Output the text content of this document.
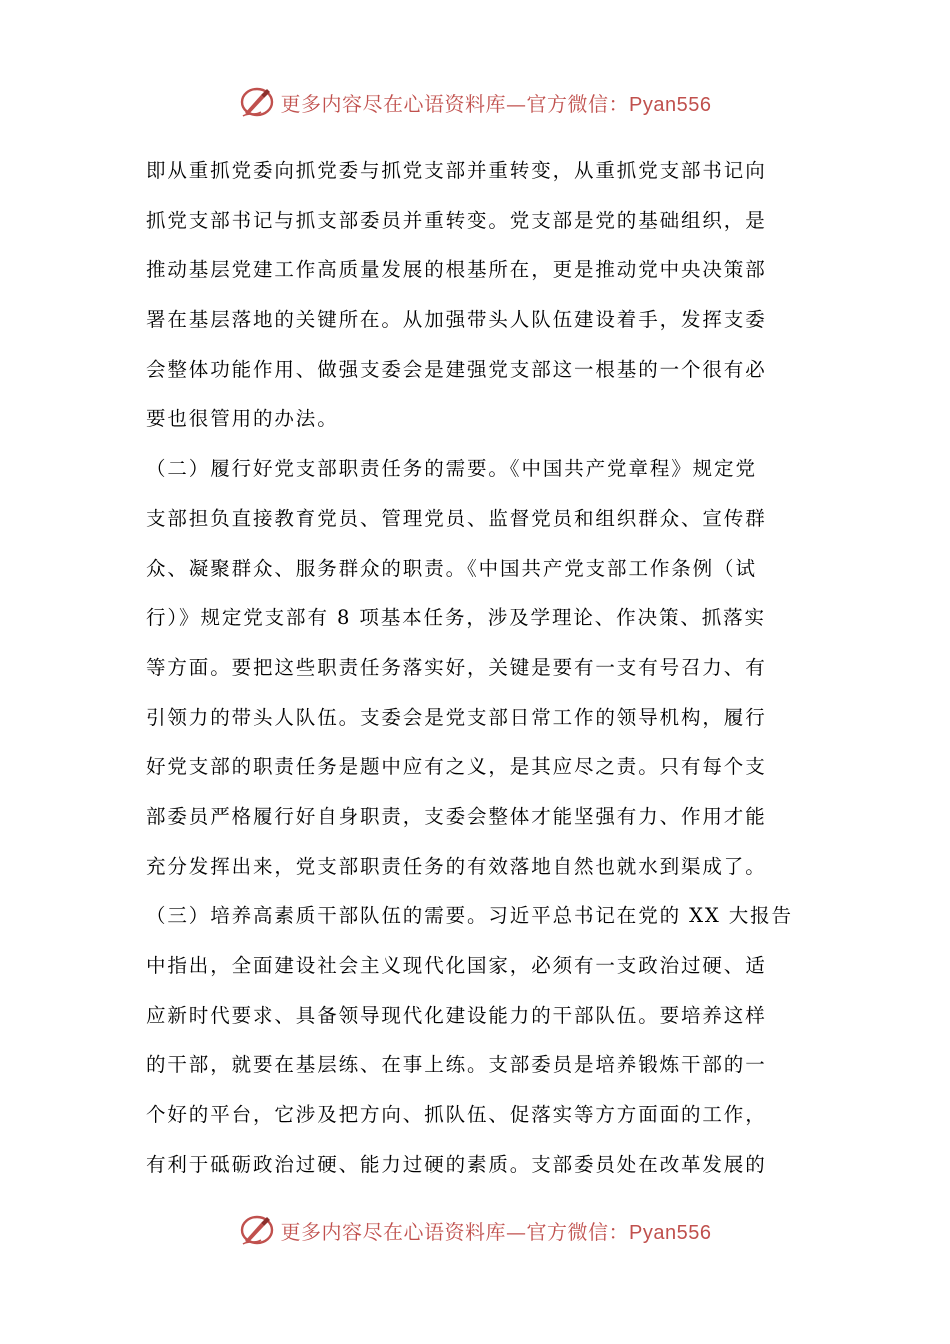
更多内容尽在心语资料库—官方微信：Pyan556
即从重抓党委向抓党委与抓党支部并重转变，从重抓党支部书记向
抓党支部书记与抓支部委员并重转变。党支部是党的基础组织，是
推动基层党建工作高质量发展的根基所在，更是推动党中央决策部
署在基层落地的关键所在。从加强带头人队伍建设着手，发挥支委
会整体功能作用、做强支委会是建强党支部这一根基的一个很有必
要也很管用的办法。
（二）履行好党支部职责任务的需要。《中国共产党章程》规定党
支部担负直接教育党员、管理党员、监督党员和组织群众、宣传群
众、凝聚群众、服务群众的职责。《中国共产党支部工作条例（试
行）》规定党支部有 8 项基本任务，涉及学理论、作决策、抓落实
等方面。要把这些职责任务落实好，关键是要有一支有号召力、有
引领力的带头人队伍。支委会是党支部日常工作的领导机构，履行
好党支部的职责任务是题中应有之义，是其应尽之责。只有每个支
部委员严格履行好自身职责，支委会整体才能坚强有力、作用才能
充分发挥出来，党支部职责任务的有效落地自然也就水到渠成了。
（三）培养高素质干部队伍的需要。习近平总书记在党的 XX 大报告
中指出，全面建设社会主义现代化国家，必须有一支政治过硬、适
应新时代要求、具备领导现代化建设能力的干部队伍。要培养这样
的干部，就要在基层练、在事上练。支部委员是培养锻炼干部的一
个好的平台，它涉及把方向、抓队伍、促落实等方方面面的工作，
有利于砥砺政治过硬、能力过硬的素质。支部委员处在改革发展的
更多内容尽在心语资料库—官方微信：Pyan556
